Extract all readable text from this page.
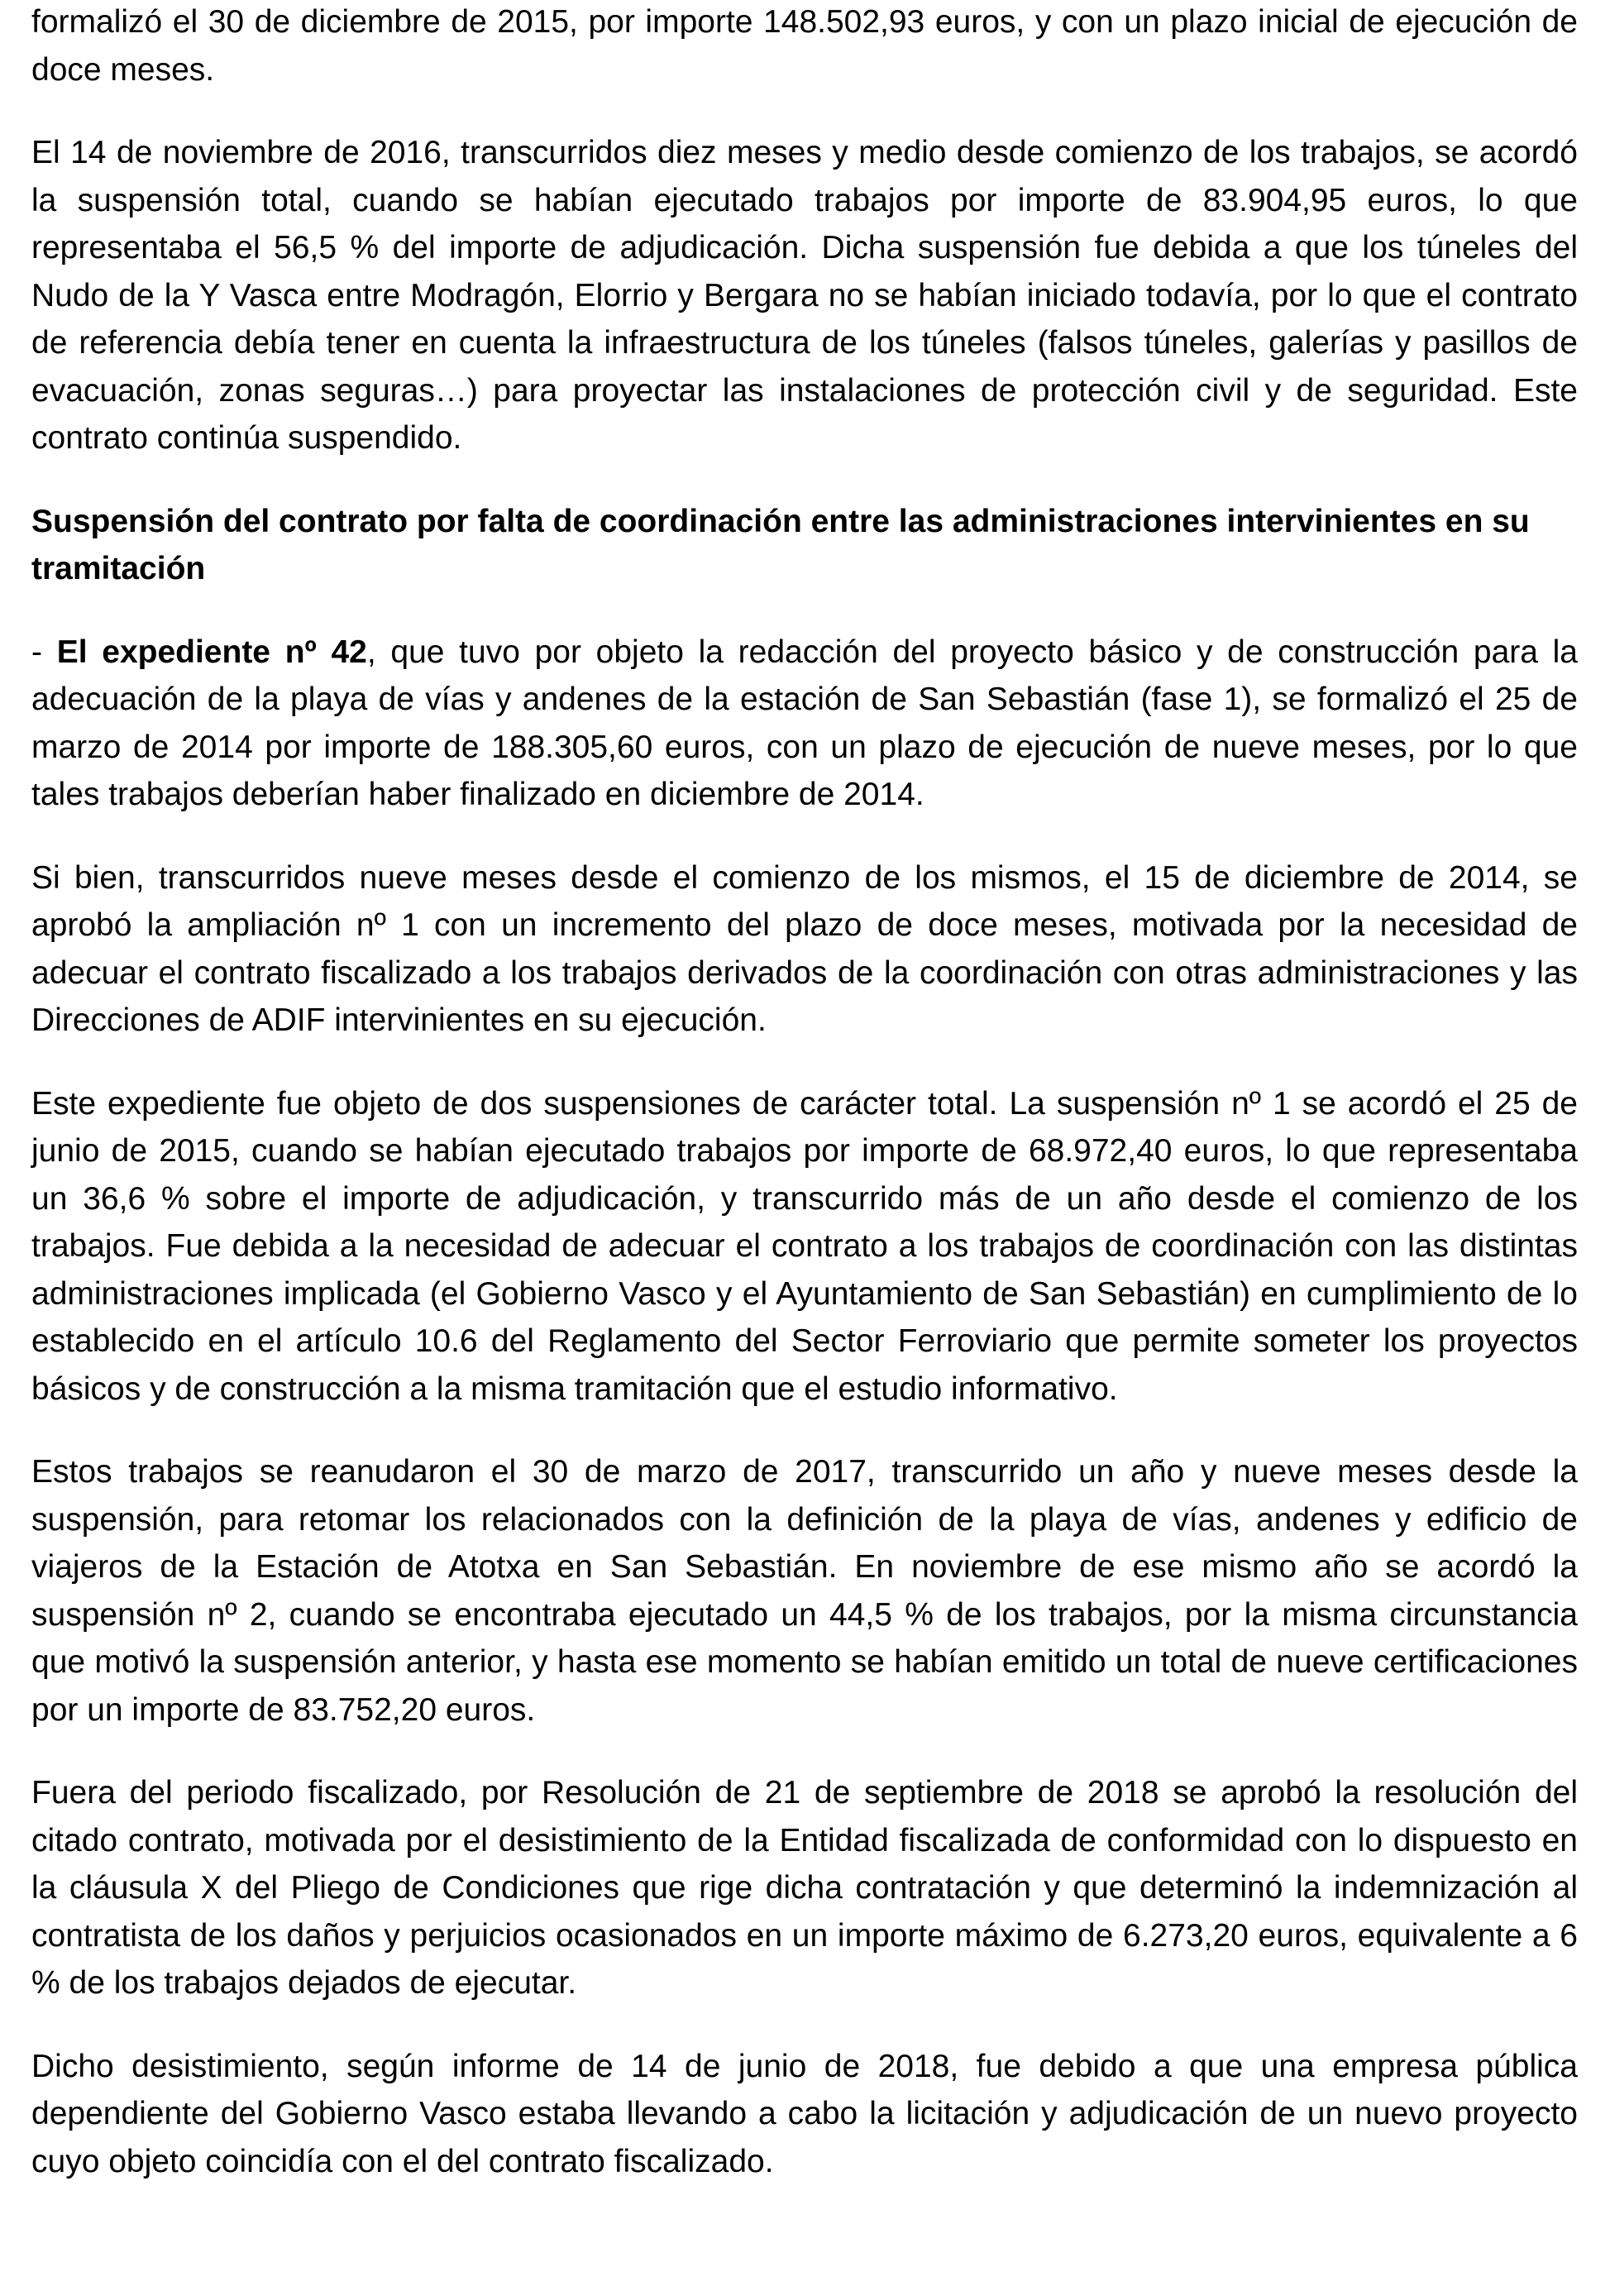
formalizó el 30 de diciembre de 2015, por importe 148.502,93 euros, y con un plazo inicial de ejecución de doce meses.

El 14 de noviembre de 2016, transcurridos diez meses y medio desde comienzo de los trabajos, se acordó la suspensión total, cuando se habían ejecutado trabajos por importe de 83.904,95 euros, lo que representaba el 56,5 % del importe de adjudicación. Dicha suspensión fue debida a que los túneles del Nudo de la Y Vasca entre Modragón, Elorrio y Bergara no se habían iniciado todavía, por lo que el contrato de referencia debía tener en cuenta la infraestructura de los túneles (falsos túneles, galerías y pasillos de evacuación, zonas seguras…) para proyectar las instalaciones de protección civil y de seguridad. Este contrato continúa suspendido.

Suspensión del contrato por falta de coordinación entre las administraciones intervinientes en su tramitación

- El expediente nº 42, que tuvo por objeto la redacción del proyecto básico y de construcción para la adecuación de la playa de vías y andenes de la estación de San Sebastián (fase 1), se formalizó el 25 de marzo de 2014 por importe de 188.305,60 euros, con un plazo de ejecución de nueve meses, por lo que tales trabajos deberían haber finalizado en diciembre de 2014.

Si bien, transcurridos nueve meses desde el comienzo de los mismos, el 15 de diciembre de 2014, se aprobó la ampliación nº 1 con un incremento del plazo de doce meses, motivada por la necesidad de adecuar el contrato fiscalizado a los trabajos derivados de la coordinación con otras administraciones y las Direcciones de ADIF intervinientes en su ejecución.

Este expediente fue objeto de dos suspensiones de carácter total. La suspensión nº 1 se acordó el 25 de junio de 2015, cuando se habían ejecutado trabajos por importe de 68.972,40 euros, lo que representaba un 36,6 % sobre el importe de adjudicación, y transcurrido más de un año desde el comienzo de los trabajos. Fue debida a la necesidad de adecuar el contrato a los trabajos de coordinación con las distintas administraciones implicada (el Gobierno Vasco y el Ayuntamiento de San Sebastián) en cumplimiento de lo establecido en el artículo 10.6 del Reglamento del Sector Ferroviario que permite someter los proyectos básicos y de construcción a la misma tramitación que el estudio informativo.

Estos trabajos se reanudaron el 30 de marzo de 2017, transcurrido un año y nueve meses desde la suspensión, para retomar los relacionados con la definición de la playa de vías, andenes y edificio de viajeros de la Estación de Atotxa en San Sebastián. En noviembre de ese mismo año se acordó la suspensión nº 2, cuando se encontraba ejecutado un 44,5 % de los trabajos, por la misma circunstancia que motivó la suspensión anterior, y hasta ese momento se habían emitido un total de nueve certificaciones por un importe de 83.752,20 euros.

Fuera del periodo fiscalizado, por Resolución de 21 de septiembre de 2018 se aprobó la resolución del citado contrato, motivada por el desistimiento de la Entidad fiscalizada de conformidad con lo dispuesto en la cláusula X del Pliego de Condiciones que rige dicha contratación y que determinó la indemnización al contratista de los daños y perjuicios ocasionados en un importe máximo de 6.273,20 euros, equivalente a 6 % de los trabajos dejados de ejecutar.

Dicho desistimiento, según informe de 14 de junio de 2018, fue debido a que una empresa pública dependiente del Gobierno Vasco estaba llevando a cabo la licitación y adjudicación de un nuevo proyecto cuyo objeto coincidía con el del contrato fiscalizado.
